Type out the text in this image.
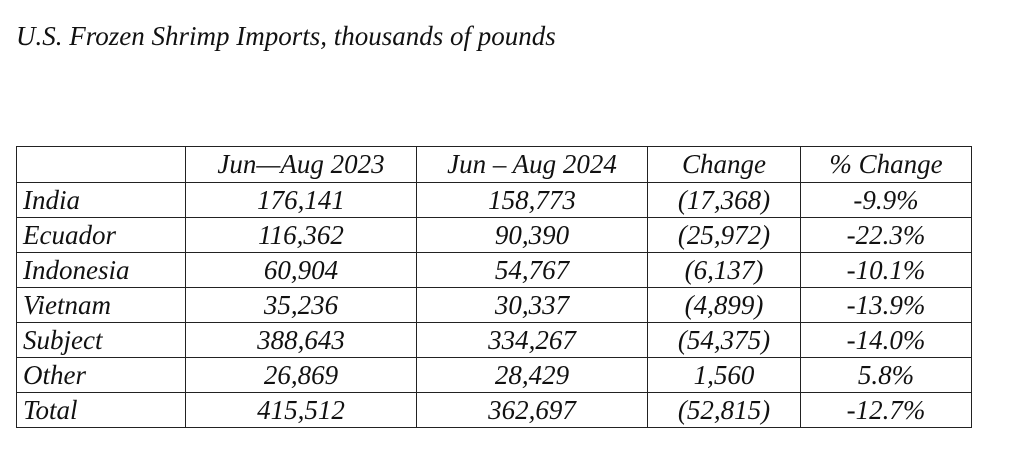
U.S. Frozen Shrimp Imports, thousands of pounds
	Jun—Aug 2023	Jun – Aug 2024	Change	% Change
India	176,141	158,773	(17,368)	-9.9%
Ecuador	116,362	90,390	(25,972)	-22.3%
Indonesia	60,904	54,767	(6,137)	-10.1%
Vietnam	35,236	30,337	(4,899)	-13.9%
Subject	388,643	334,267	(54,375)	-14.0%
Other	26,869	28,429	1,560	5.8%
Total	415,512	362,697	(52,815)	-12.7%
